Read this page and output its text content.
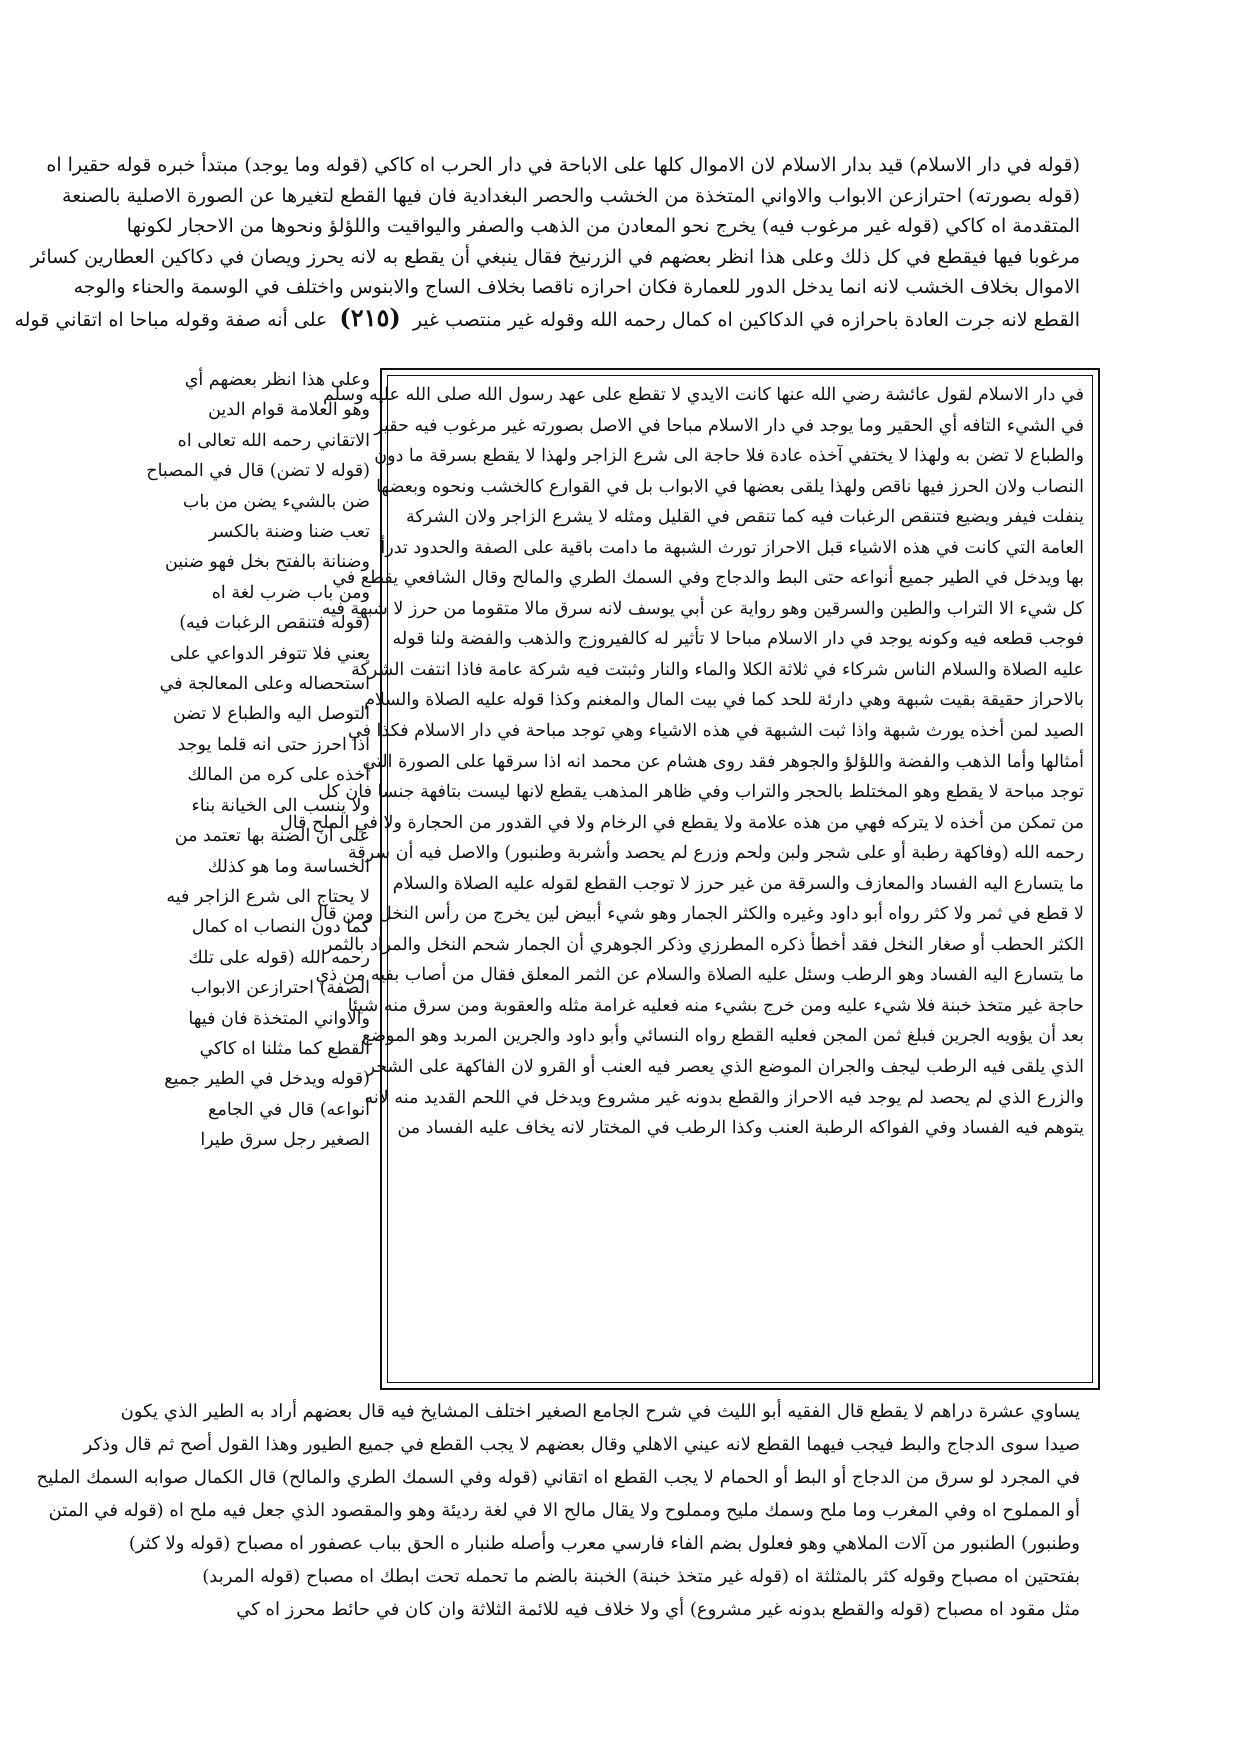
(قوله في دار الاسلام) قيد بدار الاسلام لان الاموال كلها على الاباحة في دار الحرب اه كاكي (قوله وما يوجد) مبتدأ خبره قوله حقيرا اه
(قوله بصورته) احترازعن الابواب والاواني المتخذة من الخشب والحصر البغدادية فان فيها القطع لتغيرها عن الصورة الاصلية بالصنعة
المتقدمة اه كاكي (قوله غير مرغوب فيه) يخرج نحو المعادن من الذهب والصفر واليواقيت واللؤلؤ ونحوها من الاحجار لكونها
مرغوبا فيها فيقطع في كل ذلك وعلى هذا انظر بعضهم في الزرنيخ فقال ينبغي أن يقطع به لانه يحرز ويصان في دكاكين العطارين كسائر
الاموال بخلاف الخشب لانه انما يدخل الدور للعمارة فكان احرازه ناقصا بخلاف الساج والابنوس واختلف في الوسمة والحناء والوجه
القطع لانه جرت العادة باحرازه في الدكاكين اه كمال رحمه الله وقوله غير منتصب غير (٢١٥) على أنه صفة وقوله مباحا اه اتقاني قوله
وعلى هذا انظر بعضهم أي
وهو العلامة قوام الدين
الاتقاني رحمه الله تعالى اه
(قوله لا تضن) قال في المصباح
ضن بالشيء يضن من باب
تعب ضنا وضنة بالكسر
وضنانة بالفتح بخل فهو ضنين
ومن باب ضرب لغة اه
(قوله فتنقص الرغبات فيه)
يعني فلا تتوفر الدواعي على
استحصاله وعلى المعالجة في
التوصل اليه والطباع لا تضن
اذا احرز حتى انه قلما يوجد
أخذه على كره من المالك
ولا ينسب الى الخيانة بناء
على أن الضنة بها تعتمد من
الخساسة وما هو كذلك
لا يحتاج الى شرع الزاجر فيه
كما دون النصاب اه كمال
رحمه الله (قوله على تلك
الصفة) احترازعن الابواب
والاواني المتخذة فان فيها
القطع كما مثلنا اه كاكي
(قوله ويدخل في الطير جميع
أنواعه) قال في الجامع
الصغير رجل سرق طيرا
في دار الاسلام لقول عائشة رضي الله عنها كانت الايدي لا تقطع على عهد رسول الله صلى الله عليه وسلم
في الشيء التافه أي الحقير وما يوجد في دار الاسلام مباحا في الاصل بصورته غير مرغوب فيه حقير
والطباع لا تضن به ولهذا لا يختفي آخذه عادة فلا حاجة الى شرع الزاجر ولهذا لا يقطع بسرقة ما دون
النصاب ولان الحرز فيها ناقص ولهذا يلقى بعضها في الابواب بل في القوارع كالخشب ونحوه وبعضها
ينفلت فيفر ويضيع فتنقص الرغبات فيه كما تنقص في القليل ومثله لا يشرع الزاجر ولان الشركة
العامة التي كانت في هذه الاشياء قبل الاحراز تورث الشبهة ما دامت باقية على الصفة والحدود تدرأ
بها ويدخل في الطير جميع أنواعه حتى البط والدجاج وفي السمك الطري والمالح وقال الشافعي يقطع في
كل شيء الا التراب والطين والسرقين وهو رواية عن أبي يوسف لانه سرق مالا متقوما من حرز لا شبهة فيه
فوجب قطعه فيه وكونه يوجد في دار الاسلام مباحا لا تأثير له كالفيروزج والذهب والفضة ولنا قوله
عليه الصلاة والسلام الناس شركاء في ثلاثة الكلا والماء والنار وثبتت فيه شركة عامة فاذا انتفت الشركة
بالاحراز حقيقة بقيت شبهة وهي دارئة للحد كما في بيت المال والمغنم وكذا قوله عليه الصلاة والسلام
الصيد لمن أخذه يورث شبهة واذا ثبت الشبهة في هذه الاشياء وهي توجد مباحة في دار الاسلام فكذا في
أمثالها وأما الذهب والفضة واللؤلؤ والجوهر فقد روى هشام عن محمد انه اذا سرقها على الصورة التي
توجد مباحة لا يقطع وهو المختلط بالحجر والتراب وفي ظاهر المذهب يقطع لانها ليست بتافهة جنسا فان كل
من تمكن من أخذه لا يتركه فهي من هذه علامة ولا يقطع في الرخام ولا في القدور من الحجارة ولا في الملح قال
رحمه الله (وفاكهة رطبة أو على شجر ولبن ولحم وزرع لم يحصد وأشربة وطنبور) والاصل فيه أن سرقة
ما يتسارع اليه الفساد والمعازف والسرقة من غير حرز لا توجب القطع لقوله عليه الصلاة والسلام
لا قطع في ثمر ولا كثر رواه أبو داود وغيره والكثر الجمار وهو شيء أبيض لين يخرج من رأس النخل ومن قال
الكثر الحطب أو صغار النخل فقد أخطأ ذكره المطرزي وذكر الجوهري أن الجمار شحم النخل والمراد بالثمر
ما يتسارع اليه الفساد وهو الرطب وسئل عليه الصلاة والسلام عن الثمر المعلق فقال من أصاب بفيه من ذي
حاجة غير متخذ خبنة فلا شيء عليه ومن خرج بشيء منه فعليه غرامة مثله والعقوبة ومن سرق منه شيئا
بعد أن يؤويه الجرين فبلغ ثمن المجن فعليه القطع رواه النسائي وأبو داود والجرين المربد وهو الموضع
الذي يلقى فيه الرطب ليجف والجران الموضع الذي يعصر فيه العنب أو القرو لان الفاكهة على الشجر
والزرع الذي لم يحصد لم يوجد فيه الاحراز والقطع بدونه غير مشروع ويدخل في اللحم القديد منه لانه
يتوهم فيه الفساد وفي الفواكه الرطبة العنب وكذا الرطب في المختار لانه يخاف عليه الفساد من
يساوي عشرة دراهم لا يقطع قال الفقيه أبو الليث في شرح الجامع الصغير اختلف المشايخ فيه قال بعضهم أراد به الطير الذي يكون
صيدا سوى الدجاج والبط فيجب فيهما القطع لانه عيني الاهلي وقال بعضهم لا يجب القطع في جميع الطيور وهذا القول أصح ثم قال وذكر
في المجرد لو سرق من الدجاج أو البط أو الحمام لا يجب القطع اه اتقاني (قوله وفي السمك الطري والمالح) قال الكمال صوابه السمك المليح
أو المملوح اه وفي المغرب وما ملح وسمك مليح ومملوح ولا يقال مالح الا في لغة رديئة وهو والمقصود الذي جعل فيه ملح اه (قوله في المتن
وطنبور) الطنبور من آلات الملاهي وهو فعلول بضم الفاء فارسي معرب وأصله طنبار ه الحق بباب عصفور اه مصباح (قوله ولا كثر)
بفتحتين اه مصباح وقوله كثر بالمثلثة اه (قوله غير متخذ خبنة) الخبنة بالضم ما تحمله تحت ابطك اه مصباح (قوله المربد)
مثل مقود اه مصباح (قوله والقطع بدونه غير مشروع) أي ولا خلاف فيه للائمة الثلاثة وان كان في حائط محرز اه كي
